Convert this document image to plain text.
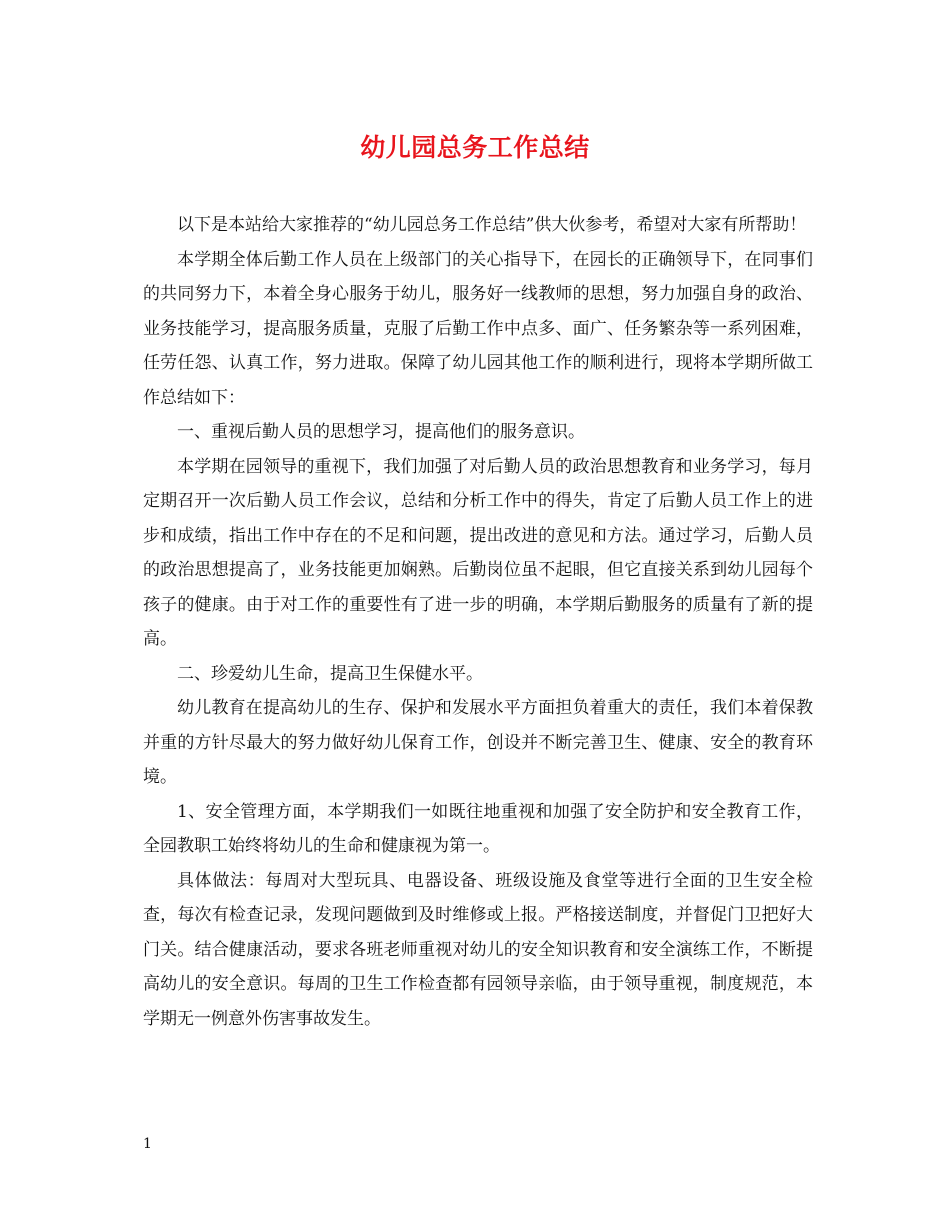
幼儿园总务工作总结

以下是本站给大家推荐的“幼儿园总务工作总结”供大伙参考，希望对大家有所帮助！

本学期全体后勤工作人员在上级部门的关心指导下，在园长的正确领导下，在同事们的共同努力下，本着全身心服务于幼儿，服务好一线教师的思想，努力加强自身的政治、业务技能学习，提高服务质量，克服了后勤工作中点多、面广、任务繁杂等一系列困难，任劳任怨、认真工作，努力进取。保障了幼儿园其他工作的顺利进行，现将本学期所做工作总结如下：

一、重视后勤人员的思想学习，提高他们的服务意识。

本学期在园领导的重视下，我们加强了对后勤人员的政治思想教育和业务学习，每月定期召开一次后勤人员工作会议，总结和分析工作中的得失，肯定了后勤人员工作上的进步和成绩，指出工作中存在的不足和问题，提出改进的意见和方法。通过学习，后勤人员的政治思想提高了，业务技能更加娴熟。后勤岗位虽不起眼，但它直接关系到幼儿园每个孩子的健康。由于对工作的重要性有了进一步的明确，本学期后勤服务的质量有了新的提高。

二、珍爱幼儿生命，提高卫生保健水平。

幼儿教育在提高幼儿的生存、保护和发展水平方面担负着重大的责任，我们本着保教并重的方针尽最大的努力做好幼儿保育工作，创设并不断完善卫生、健康、安全的教育环境。

1、安全管理方面，本学期我们一如既往地重视和加强了安全防护和安全教育工作，全园教职工始终将幼儿的生命和健康视为第一。

具体做法：每周对大型玩具、电器设备、班级设施及食堂等进行全面的卫生安全检查，每次有检查记录，发现问题做到及时维修或上报。严格接送制度，并督促门卫把好大门关。结合健康活动，要求各班老师重视对幼儿的安全知识教育和安全演练工作，不断提高幼儿的安全意识。每周的卫生工作检查都有园领导亲临，由于领导重视，制度规范，本学期无一例意外伤害事故发生。

1
